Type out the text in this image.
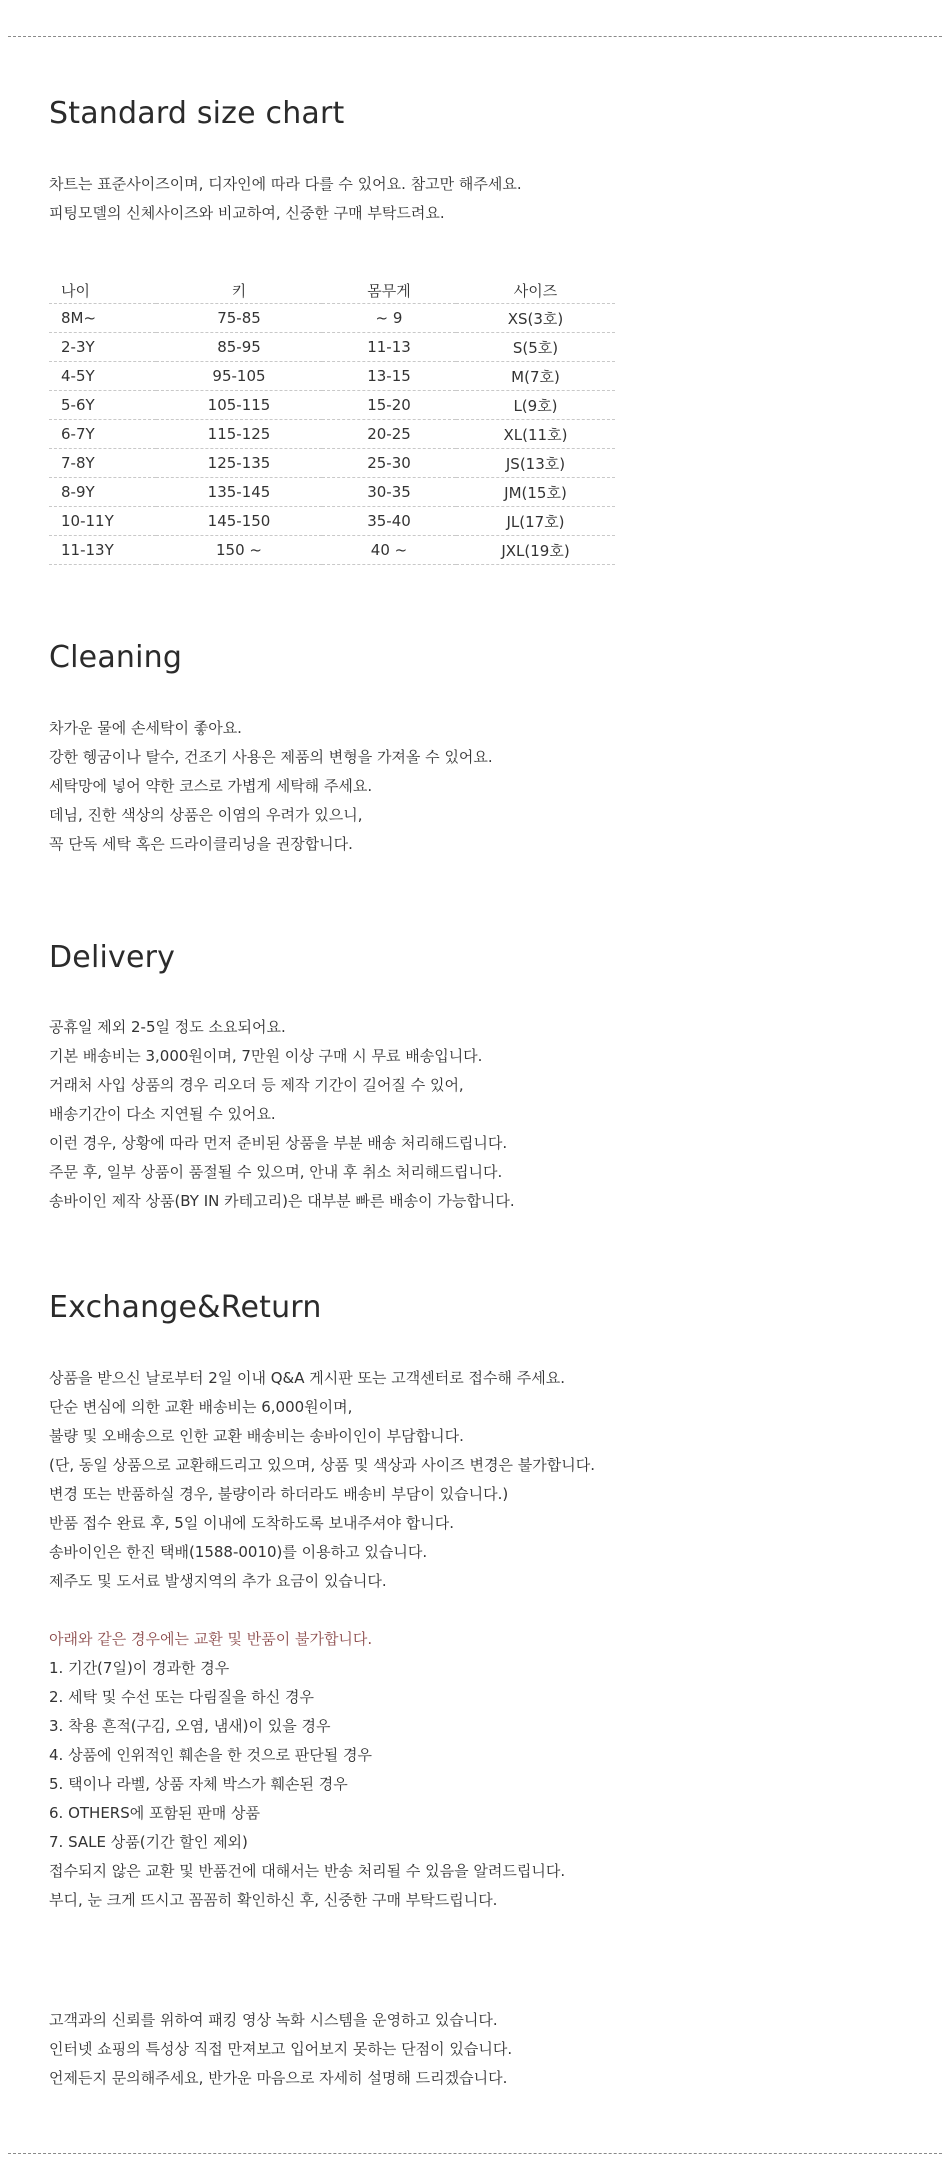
Standard size chart
차트는 표준사이즈이며, 디자인에 따라 다를 수 있어요. 참고만 해주세요.
피팅모델의 신체사이즈와 비교하여, 신중한 구매 부탁드려요.
나이	키	몸무게	사이즈
8M~	75-85	~ 9	XS(3호)
2-3Y	85-95	11-13	S(5호)
4-5Y	95-105	13-15	M(7호)
5-6Y	105-115	15-20	L(9호)
6-7Y	115-125	20-25	XL(11호)
7-8Y	125-135	25-30	JS(13호)
8-9Y	135-145	30-35	JM(15호)
10-11Y	145-150	35-40	JL(17호)
11-13Y	150 ~	40 ~	JXL(19호)
Cleaning
차가운 물에 손세탁이 좋아요.
강한 헹굼이나 탈수, 건조기 사용은 제품의 변형을 가져올 수 있어요.
세탁망에 넣어 약한 코스로 가볍게 세탁해 주세요.
데님, 진한 색상의 상품은 이염의 우려가 있으니,
꼭 단독 세탁 혹은 드라이클리닝을 권장합니다.
Delivery
공휴일 제외 2-5일 정도 소요되어요.
기본 배송비는 3,000원이며, 7만원 이상 구매 시 무료 배송입니다.
거래처 사입 상품의 경우 리오더 등 제작 기간이 길어질 수 있어,
배송기간이 다소 지연될 수 있어요.
이런 경우, 상황에 따라 먼저 준비된 상품을 부분 배송 처리해드립니다.
주문 후, 일부 상품이 품절될 수 있으며, 안내 후 취소 처리해드립니다.
송바이인 제작 상품(BY IN 카테고리)은 대부분 빠른 배송이 가능합니다.
Exchange&Return
상품을 받으신 날로부터 2일 이내 Q&A 게시판 또는 고객센터로 접수해 주세요.
단순 변심에 의한 교환 배송비는 6,000원이며,
불량 및 오배송으로 인한 교환 배송비는 송바이인이 부담합니다.
(단, 동일 상품으로 교환해드리고 있으며, 상품 및 색상과 사이즈 변경은 불가합니다.
변경 또는 반품하실 경우, 불량이라 하더라도 배송비 부담이 있습니다.)
반품 접수 완료 후, 5일 이내에 도착하도록 보내주셔야 합니다.
송바이인은 한진 택배(1588-0010)를 이용하고 있습니다.
제주도 및 도서료 발생지역의 추가 요금이 있습니다.
아래와 같은 경우에는 교환 및 반품이 불가합니다.
1. 기간(7일)이 경과한 경우
2. 세탁 및 수선 또는 다림질을 하신 경우
3. 착용 흔적(구김, 오염, 냄새)이 있을 경우
4. 상품에 인위적인 훼손을 한 것으로 판단될 경우
5. 택이나 라벨, 상품 자체 박스가 훼손된 경우
6. OTHERS에 포함된 판매 상품
7. SALE 상품(기간 할인 제외)
접수되지 않은 교환 및 반품건에 대해서는 반송 처리될 수 있음을 알려드립니다.
부디, 눈 크게 뜨시고 꼼꼼히 확인하신 후, 신중한 구매 부탁드립니다.
고객과의 신뢰를 위하여 패킹 영상 녹화 시스템을 운영하고 있습니다.
인터넷 쇼핑의 특성상 직접 만져보고 입어보지 못하는 단점이 있습니다.
언제든지 문의해주세요, 반가운 마음으로 자세히 설명해 드리겠습니다.
